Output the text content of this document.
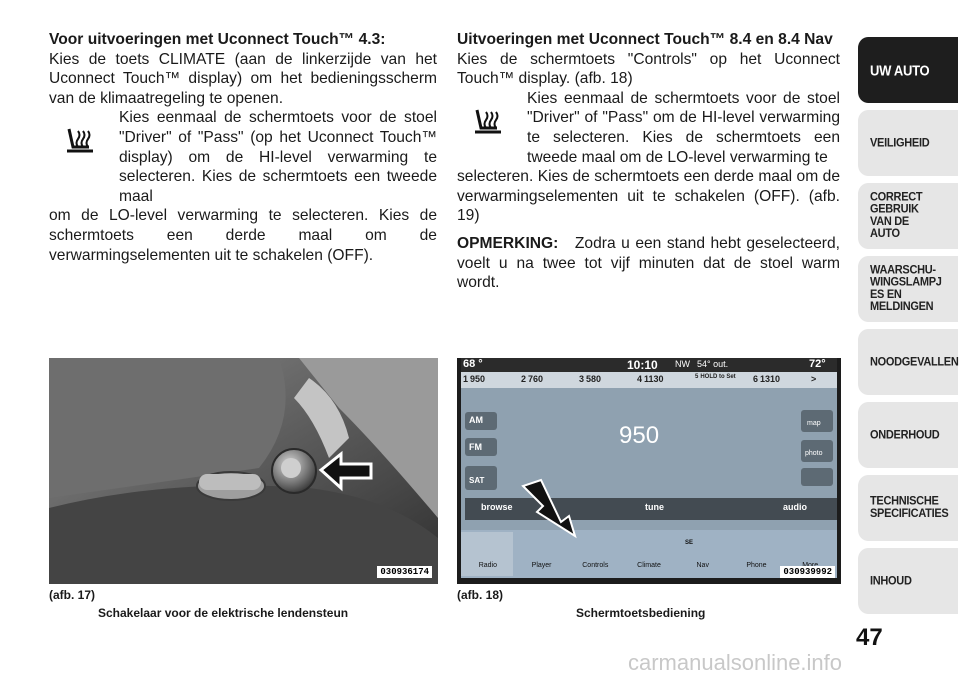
Voor uitvoeringen met Uconnect Touch™ 4.3:

Kies de toets CLIMATE (aan de linkerzijde van het Uconnect Touch™ display) om het bedieningsscherm van de klimaatregeling te openen.

Kies eenmaal de schermtoets voor de stoel "Driver" of "Pass" (op het Uconnect Touch™ display) om de HI-level verwarming te selecteren. Kies de schermtoets een tweede maal

om de LO-level verwarming te selecteren. Kies de schermtoets een derde maal om de verwarmingselementen uit te schakelen (OFF).

Uitvoeringen met Uconnect Touch™ 8.4 en 8.4 Nav

Kies de schermtoets "Controls" op het Uconnect Touch™ display. (afb. 18)

Kies eenmaal de schermtoets voor de stoel "Driver" of "Pass" om de HI-level verwarming te selecteren. Kies de schermtoets een tweede maal om de LO-level verwarming te

selecteren. Kies de schermtoets een derde maal om de verwarmingselementen uit te schakelen (OFF). (afb. 19)

OPMERKING: Zodra u een stand hebt geselecteerd, voelt u na twee tot vijf minuten dat de stoel warm wordt.

030936174
(afb. 17)
Schakelaar voor de elektrische lendensteun
68 °	10:10 NW 54° out.	72°
1 950	2 760	3 580	4 1130	5 HOLD to Set 6 1310	>
AM
FM
SAT
map
photo
950
browse	tune	audio
Radio	Player	Controls	Climate	Nav	Phone
SE
030939992
(afb. 18)
Schermtoetsbediening
UW AUTO
VEILIGHEID
CORRECT GEBRUIK VAN DE AUTO
WAARSCHU-WINGSLAMPJES EN MELDINGEN
NOODGEVALLEN
ONDERHOUD
TECHNISCHE SPECIFICATIES
INHOUD
47
carmanualsonline.info
